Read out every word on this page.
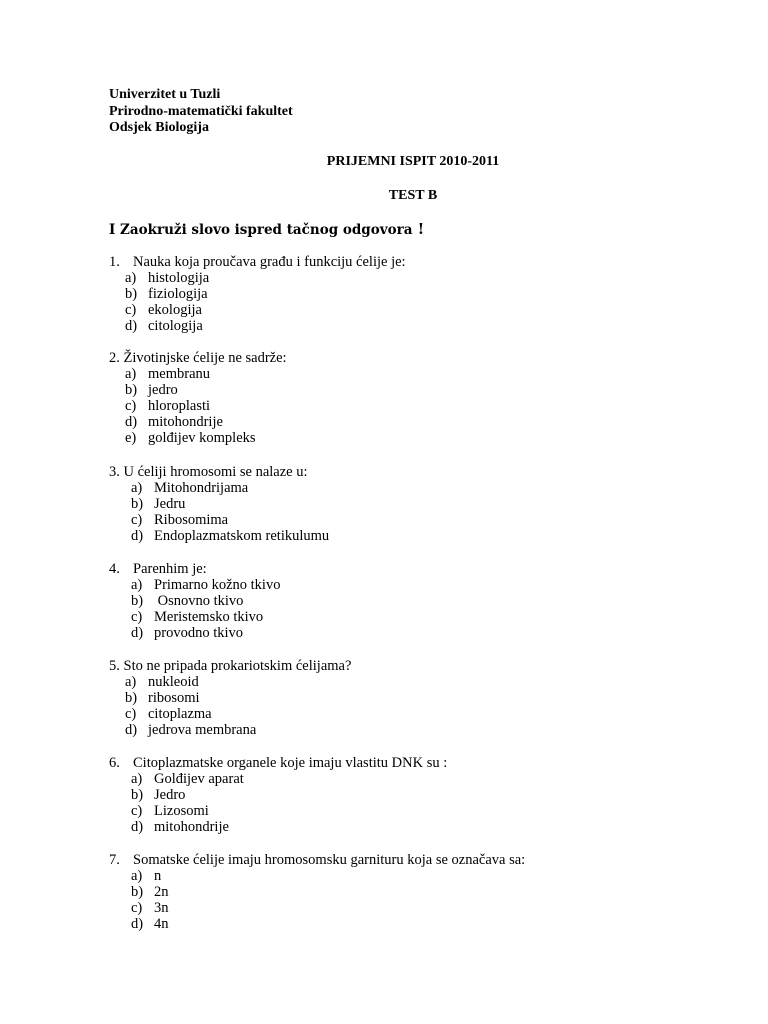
Univerzitet u Tuzli
Prirodno-matematički fakultet
Odsjek Biologija
PRIJEMNI ISPIT 2010-2011
TEST B
I Zaokruži slovo ispred tačnog odgovora !
1. Nauka koja proučava građu i funkciju ćelije je:
a) histologija
b) fiziologija
c) ekologija
d) citologija
2. Životinjske ćelije ne sadrže:
a) membranu
b) jedro
c) hloroplasti
d) mitohondrije
e) golđijev kompleks
3. U ćeliji hromosomi se nalaze u:
a) Mitohondrijama
b) Jedru
c) Ribosomima
d) Endoplazmatskom retikulumu
4. Parenhim je:
a) Primarno kožno tkivo
b) Osnovno tkivo
c) Meristemsko tkivo
d) provodno tkivo
5. Sto ne pripada prokariotskim ćelijama?
a) nukleoid
b) ribosomi
c) citoplazma
d) jedrova membrana
6. Citoplazmatske organele koje imaju vlastitu DNK su :
a) Golđijev aparat
b) Jedro
c) Lizosomi
d) mitohondrije
7. Somatske ćelije imaju hromosomsku garnituru koja se označava sa:
a) n
b) 2n
c) 3n
d) 4n
